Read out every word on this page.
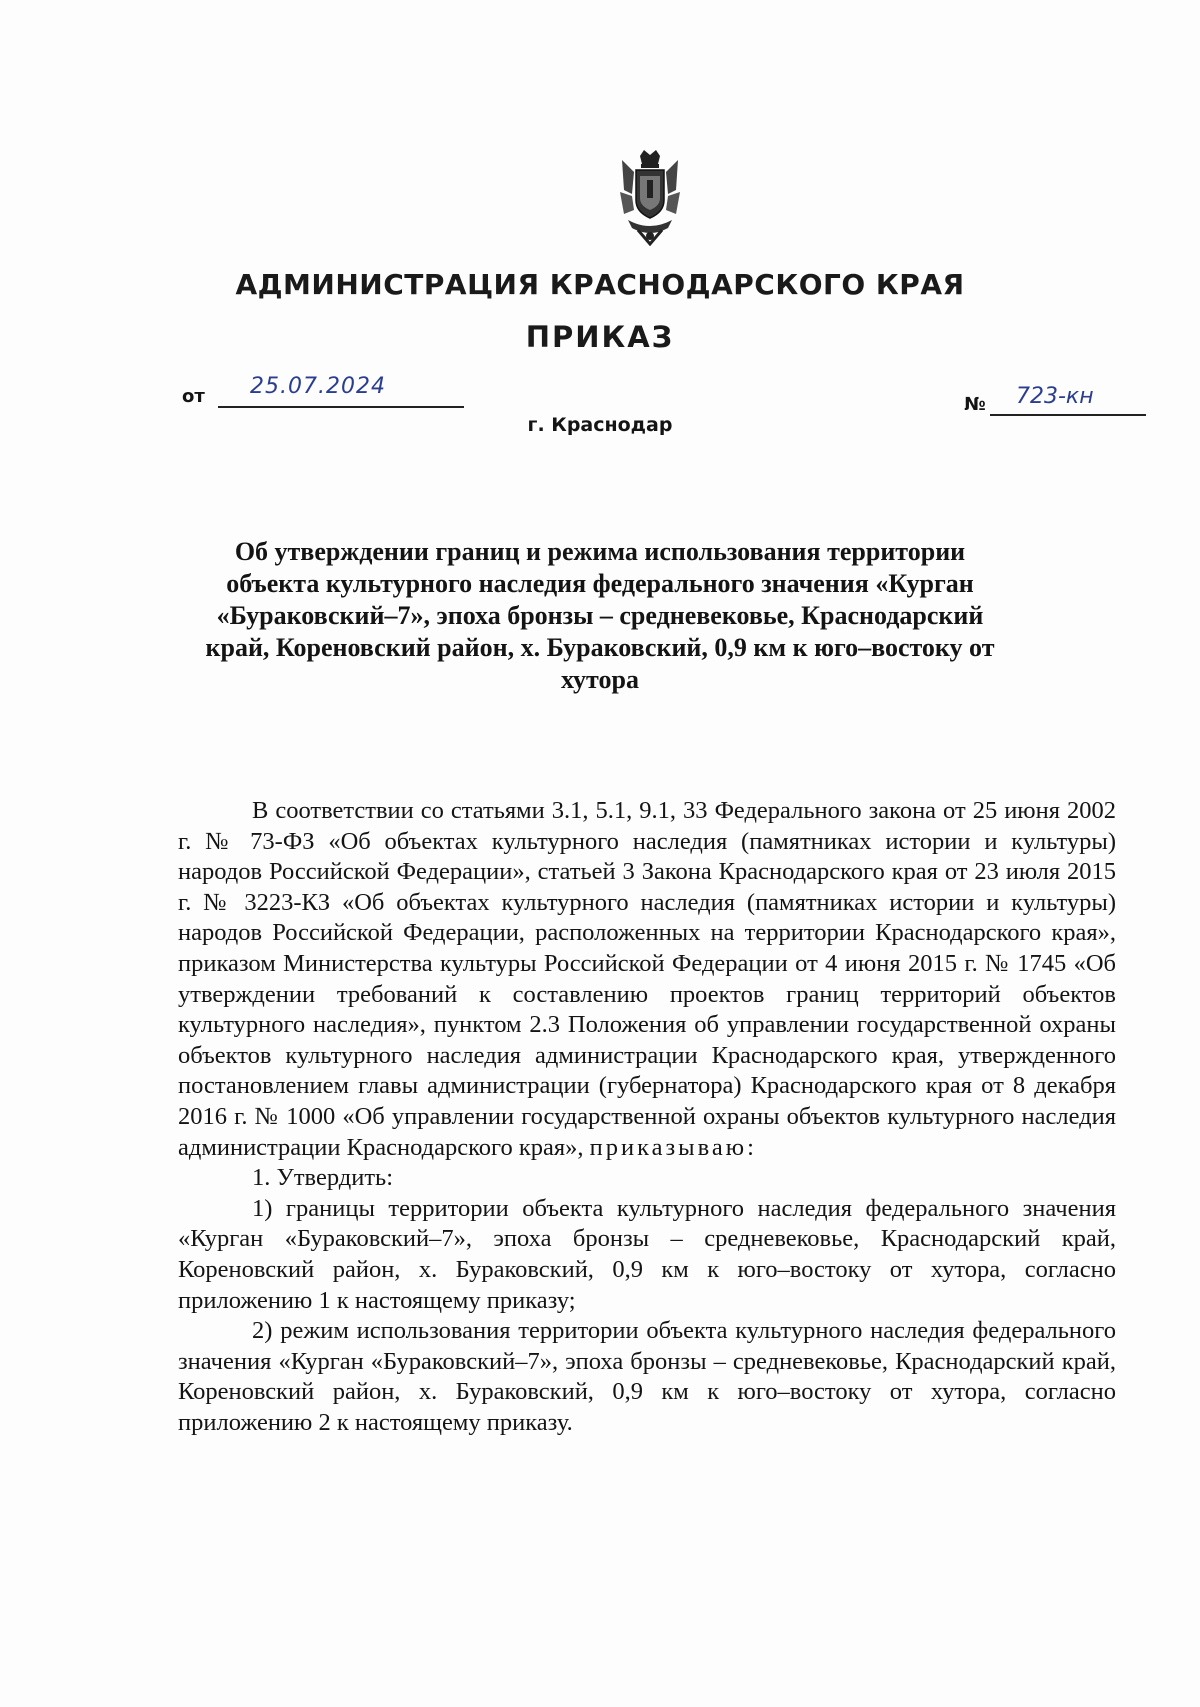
АДМИНИСТРАЦИЯ КРАСНОДАРСКОГО КРАЯ
ПРИКАЗ
от 25.07.2024
г. Краснодар
№ 723-кн
Об утверждении границ и режима использования территории объекта культурного наследия федерального значения «Курган «Бураковский–7», эпоха бронзы – средневековье, Краснодарский край, Кореновский район, х. Бураковский, 0,9 км к юго–востоку от хутора

В соответствии со статьями 3.1, 5.1, 9.1, 33 Федерального закона от 25 июня 2002 г. № 73-ФЗ «Об объектах культурного наследия (памятниках истории и культуры) народов Российской Федерации», статьей 3 Закона Краснодарского края от 23 июля 2015 г. № 3223-КЗ «Об объектах культурного наследия (памятниках истории и культуры) народов Российской Федерации, расположенных на территории Краснодарского края», приказом Министерства культуры Российской Федерации от 4 июня 2015 г. № 1745 «Об утверждении требований к составлению проектов границ территорий объектов культурного наследия», пунктом 2.3 Положения об управлении государственной охраны объектов культурного наследия администрации Краснодарского края, утвержденного постановлением главы администрации (губернатора) Краснодарского края от 8 декабря 2016 г. № 1000 «Об управлении государственной охраны объектов культурного наследия администрации Краснодарского края», приказываю:

1. Утвердить:

1) границы территории объекта культурного наследия федерального значения «Курган «Бураковский–7», эпоха бронзы – средневековье, Краснодарский край, Кореновский район, х. Бураковский, 0,9 км к юго–востоку от хутора, согласно приложению 1 к настоящему приказу;

2) режим использования территории объекта культурного наследия федерального значения «Курган «Бураковский–7», эпоха бронзы – средневековье, Краснодарский край, Кореновский район, х. Бураковский, 0,9 км к юго–востоку от хутора, согласно приложению 2 к настоящему приказу.
